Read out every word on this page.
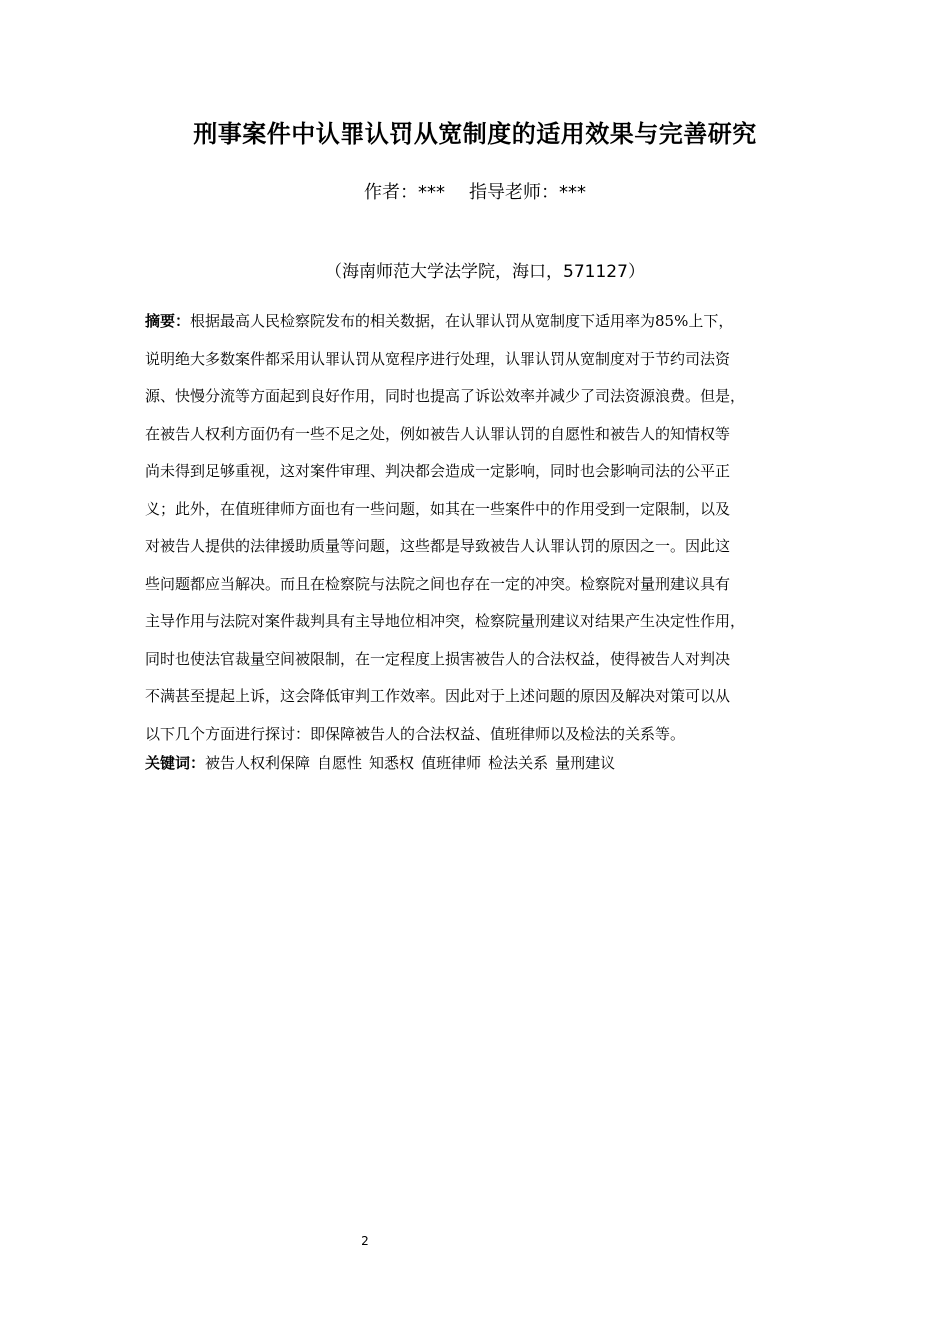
刑事案件中认罪认罚从宽制度的适用效果与完善研究
作者：*** 指导老师：***
（海南师范大学法学院，海口，571127）
摘要：根据最高人民检察院发布的相关数据，在认罪认罚从宽制度下适用率为85%上下，
说明绝大多数案件都采用认罪认罚从宽程序进行处理，认罪认罚从宽制度对于节约司法资
源、快慢分流等方面起到良好作用，同时也提高了诉讼效率并减少了司法资源浪费。但是，
在被告人权利方面仍有一些不足之处，例如被告人认罪认罚的自愿性和被告人的知情权等
尚未得到足够重视，这对案件审理、判决都会造成一定影响，同时也会影响司法的公平正
义；此外，在值班律师方面也有一些问题，如其在一些案件中的作用受到一定限制，以及
对被告人提供的法律援助质量等问题，这些都是导致被告人认罪认罚的原因之一。因此这
些问题都应当解决。而且在检察院与法院之间也存在一定的冲突。检察院对量刑建议具有
主导作用与法院对案件裁判具有主导地位相冲突，检察院量刑建议对结果产生决定性作用，
同时也使法官裁量空间被限制，在一定程度上损害被告人的合法权益，使得被告人对判决
不满甚至提起上诉，这会降低审判工作效率。因此对于上述问题的原因及解决对策可以从
以下几个方面进行探讨：即保障被告人的合法权益、值班律师以及检法的关系等。
关键词：被告人权利保障 自愿性 知悉权 值班律师 检法关系 量刑建议
2
